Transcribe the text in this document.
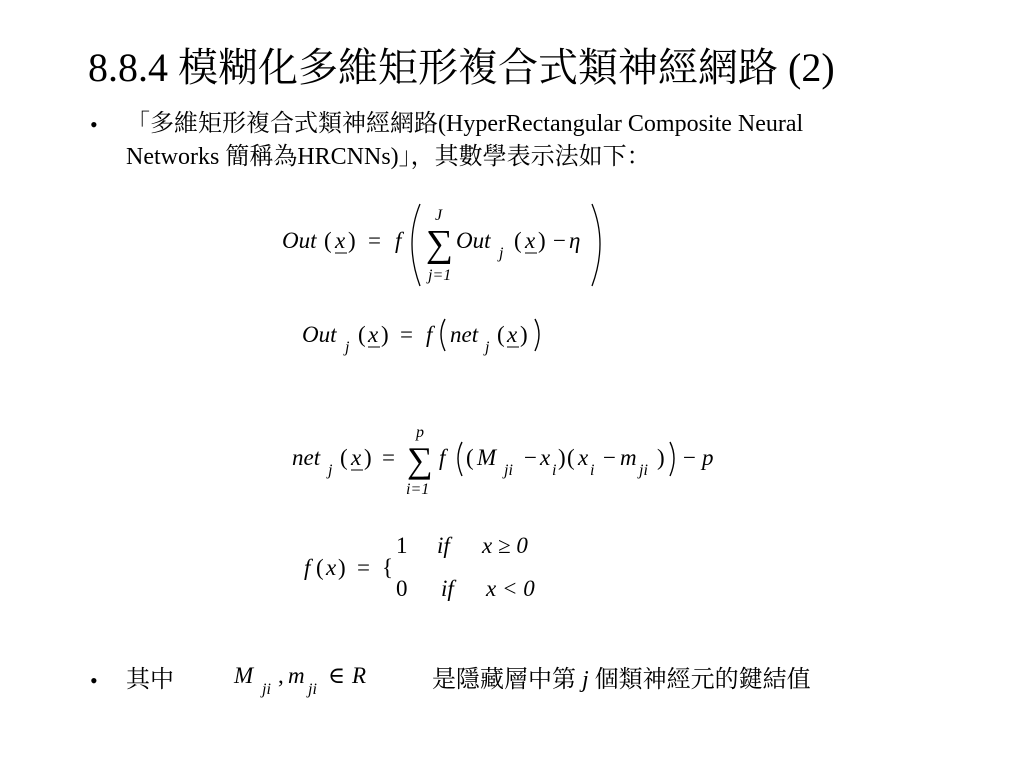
8.8.4 模糊化多維矩形複合式類神經網路 (2)
• 「多維矩形複合式類神經網路(HyperRectangular Composite Neural
Networks 簡稱為HRCNNs)」，其數學表示法如下：
Out ( x ) = f
J
∑
j=1
Out
j
( x ) − η
Out
j
( x ) = f net
j
( x )
net
j
( x ) =
p
∑
i=1
f ( M
ji
− x
i
) ( x
i
− m
ji
) − p
f ( x ) = {
1 if x ≥ 0
0 if x < 0
• 其中	M
ji
, m
ji
∈ R	是隱藏層中第 j 個類神經元的鍵結值
